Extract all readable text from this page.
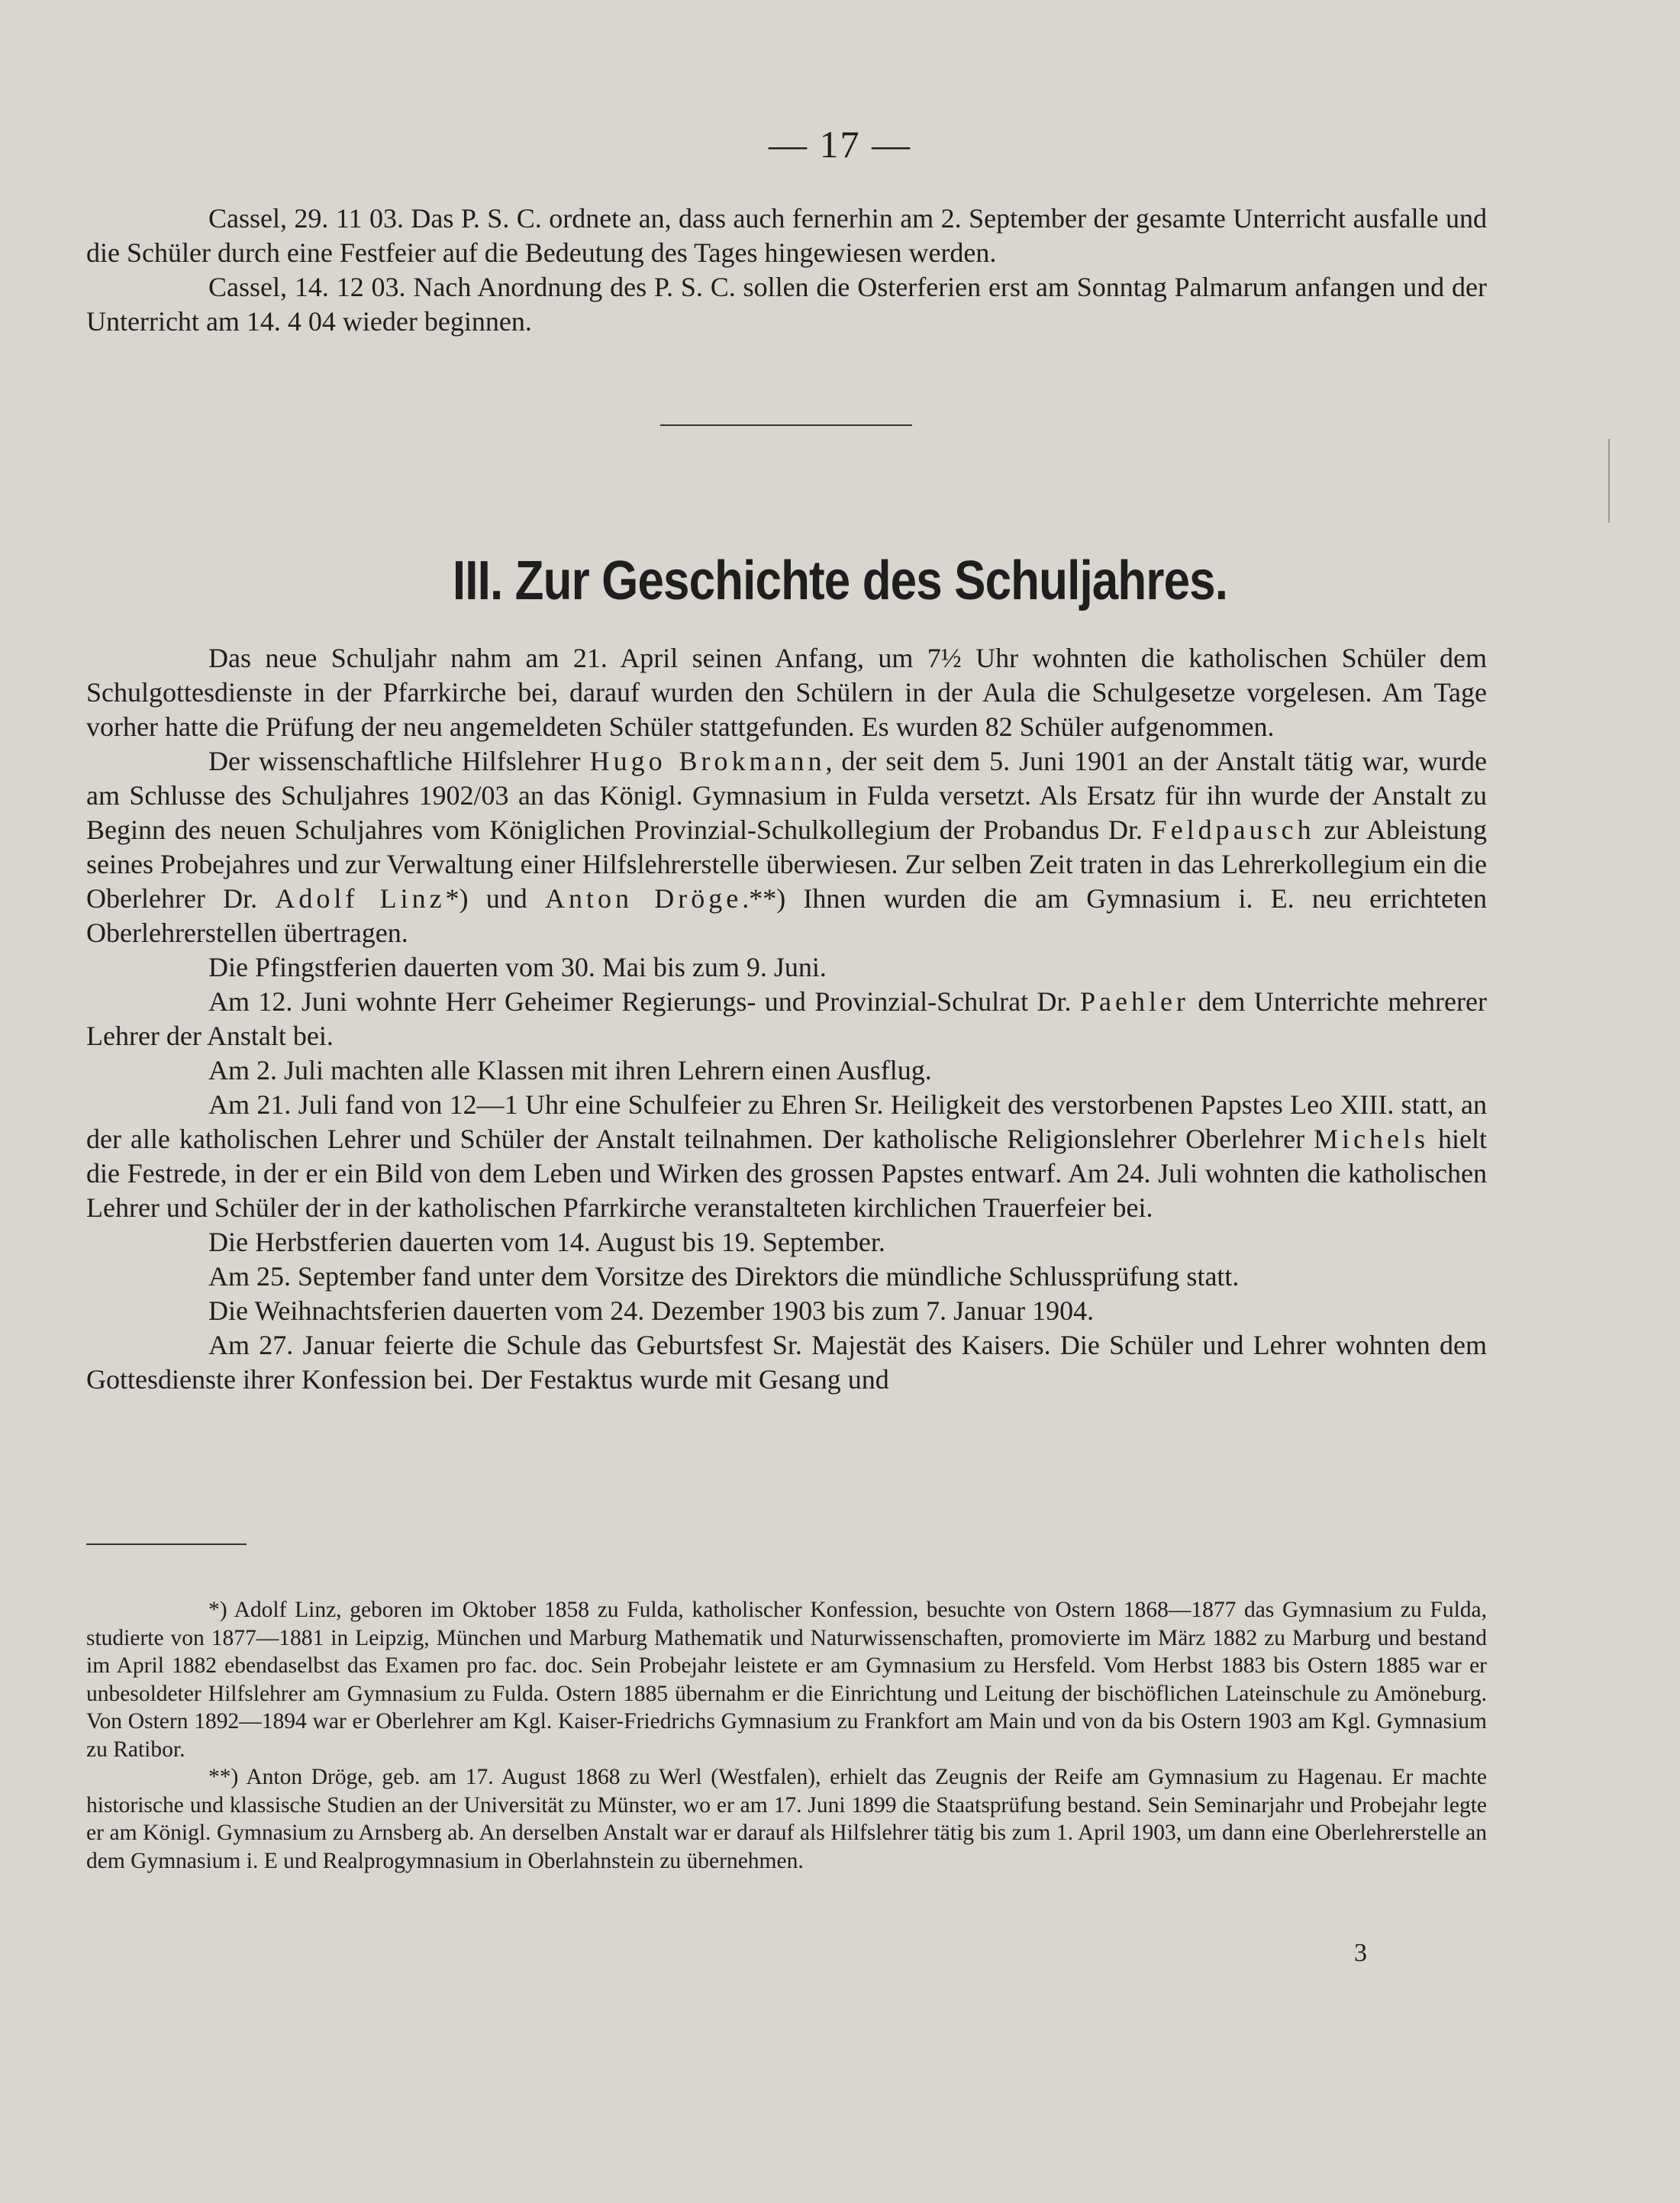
— 17 —

Cassel, 29. 11 03. Das P. S. C. ordnete an, dass auch fernerhin am 2. September der gesamte Unterricht ausfalle und die Schüler durch eine Festfeier auf die Bedeutung des Tages hingewiesen werden.

Cassel, 14. 12 03. Nach Anordnung des P. S. C. sollen die Osterferien erst am Sonntag Palmarum anfangen und der Unterricht am 14. 4 04 wieder beginnen.

III. Zur Geschichte des Schuljahres.

Das neue Schuljahr nahm am 21. April seinen Anfang, um 7½ Uhr wohnten die katholischen Schüler dem Schulgottesdienste in der Pfarrkirche bei, darauf wurden den Schülern in der Aula die Schulgesetze vorgelesen. Am Tage vorher hatte die Prüfung der neu angemeldeten Schüler stattgefunden. Es wurden 82 Schüler aufgenommen.

Der wissenschaftliche Hilfslehrer Hugo Brokmann, der seit dem 5. Juni 1901 an der Anstalt tätig war, wurde am Schlusse des Schuljahres 1902/03 an das Königl. Gymnasium in Fulda versetzt. Als Ersatz für ihn wurde der Anstalt zu Beginn des neuen Schuljahres vom Königlichen Provinzial-Schulkollegium der Probandus Dr. Feldpausch zur Ableistung seines Probejahres und zur Verwaltung einer Hilfslehrerstelle überwiesen. Zur selben Zeit traten in das Lehrerkollegium ein die Oberlehrer Dr. Adolf Linz*) und Anton Dröge.**) Ihnen wurden die am Gymnasium i. E. neu errichteten Oberlehrerstellen übertragen.

Die Pfingstferien dauerten vom 30. Mai bis zum 9. Juni.

Am 12. Juni wohnte Herr Geheimer Regierungs- und Provinzial-Schulrat Dr. Paehler dem Unterrichte mehrerer Lehrer der Anstalt bei.

Am 2. Juli machten alle Klassen mit ihren Lehrern einen Ausflug.

Am 21. Juli fand von 12—1 Uhr eine Schulfeier zu Ehren Sr. Heiligkeit des verstorbenen Papstes Leo XIII. statt, an der alle katholischen Lehrer und Schüler der Anstalt teilnahmen. Der katholische Religionslehrer Oberlehrer Michels hielt die Festrede, in der er ein Bild von dem Leben und Wirken des grossen Papstes entwarf. Am 24. Juli wohnten die katholischen Lehrer und Schüler der in der katholischen Pfarrkirche veranstalteten kirchlichen Trauerfeier bei.

Die Herbstferien dauerten vom 14. August bis 19. September.

Am 25. September fand unter dem Vorsitze des Direktors die mündliche Schlussprüfung statt.

Die Weihnachtsferien dauerten vom 24. Dezember 1903 bis zum 7. Januar 1904.

Am 27. Januar feierte die Schule das Geburtsfest Sr. Majestät des Kaisers. Die Schüler und Lehrer wohnten dem Gottesdienste ihrer Konfession bei. Der Festaktus wurde mit Gesang und

*) Adolf Linz, geboren im Oktober 1858 zu Fulda, katholischer Konfession, besuchte von Ostern 1868—1877 das Gymnasium zu Fulda, studierte von 1877—1881 in Leipzig, München und Marburg Mathematik und Naturwissenschaften, promovierte im März 1882 zu Marburg und bestand im April 1882 ebendaselbst das Examen pro fac. doc. Sein Probejahr leistete er am Gymnasium zu Hersfeld. Vom Herbst 1883 bis Ostern 1885 war er unbesoldeter Hilfslehrer am Gymnasium zu Fulda. Ostern 1885 übernahm er die Einrichtung und Leitung der bischöflichen Lateinschule zu Amöneburg. Von Ostern 1892—1894 war er Oberlehrer am Kgl. Kaiser-Friedrichs Gymnasium zu Frankfort am Main und von da bis Ostern 1903 am Kgl. Gymnasium zu Ratibor.

**) Anton Dröge, geb. am 17. August 1868 zu Werl (Westfalen), erhielt das Zeugnis der Reife am Gymnasium zu Hagenau. Er machte historische und klassische Studien an der Universität zu Münster, wo er am 17. Juni 1899 die Staatsprüfung bestand. Sein Seminarjahr und Probejahr legte er am Königl. Gymnasium zu Arnsberg ab. An derselben Anstalt war er darauf als Hilfslehrer tätig bis zum 1. April 1903, um dann eine Oberlehrerstelle an dem Gymnasium i. E und Realprogymnasium in Oberlahnstein zu übernehmen.

3
